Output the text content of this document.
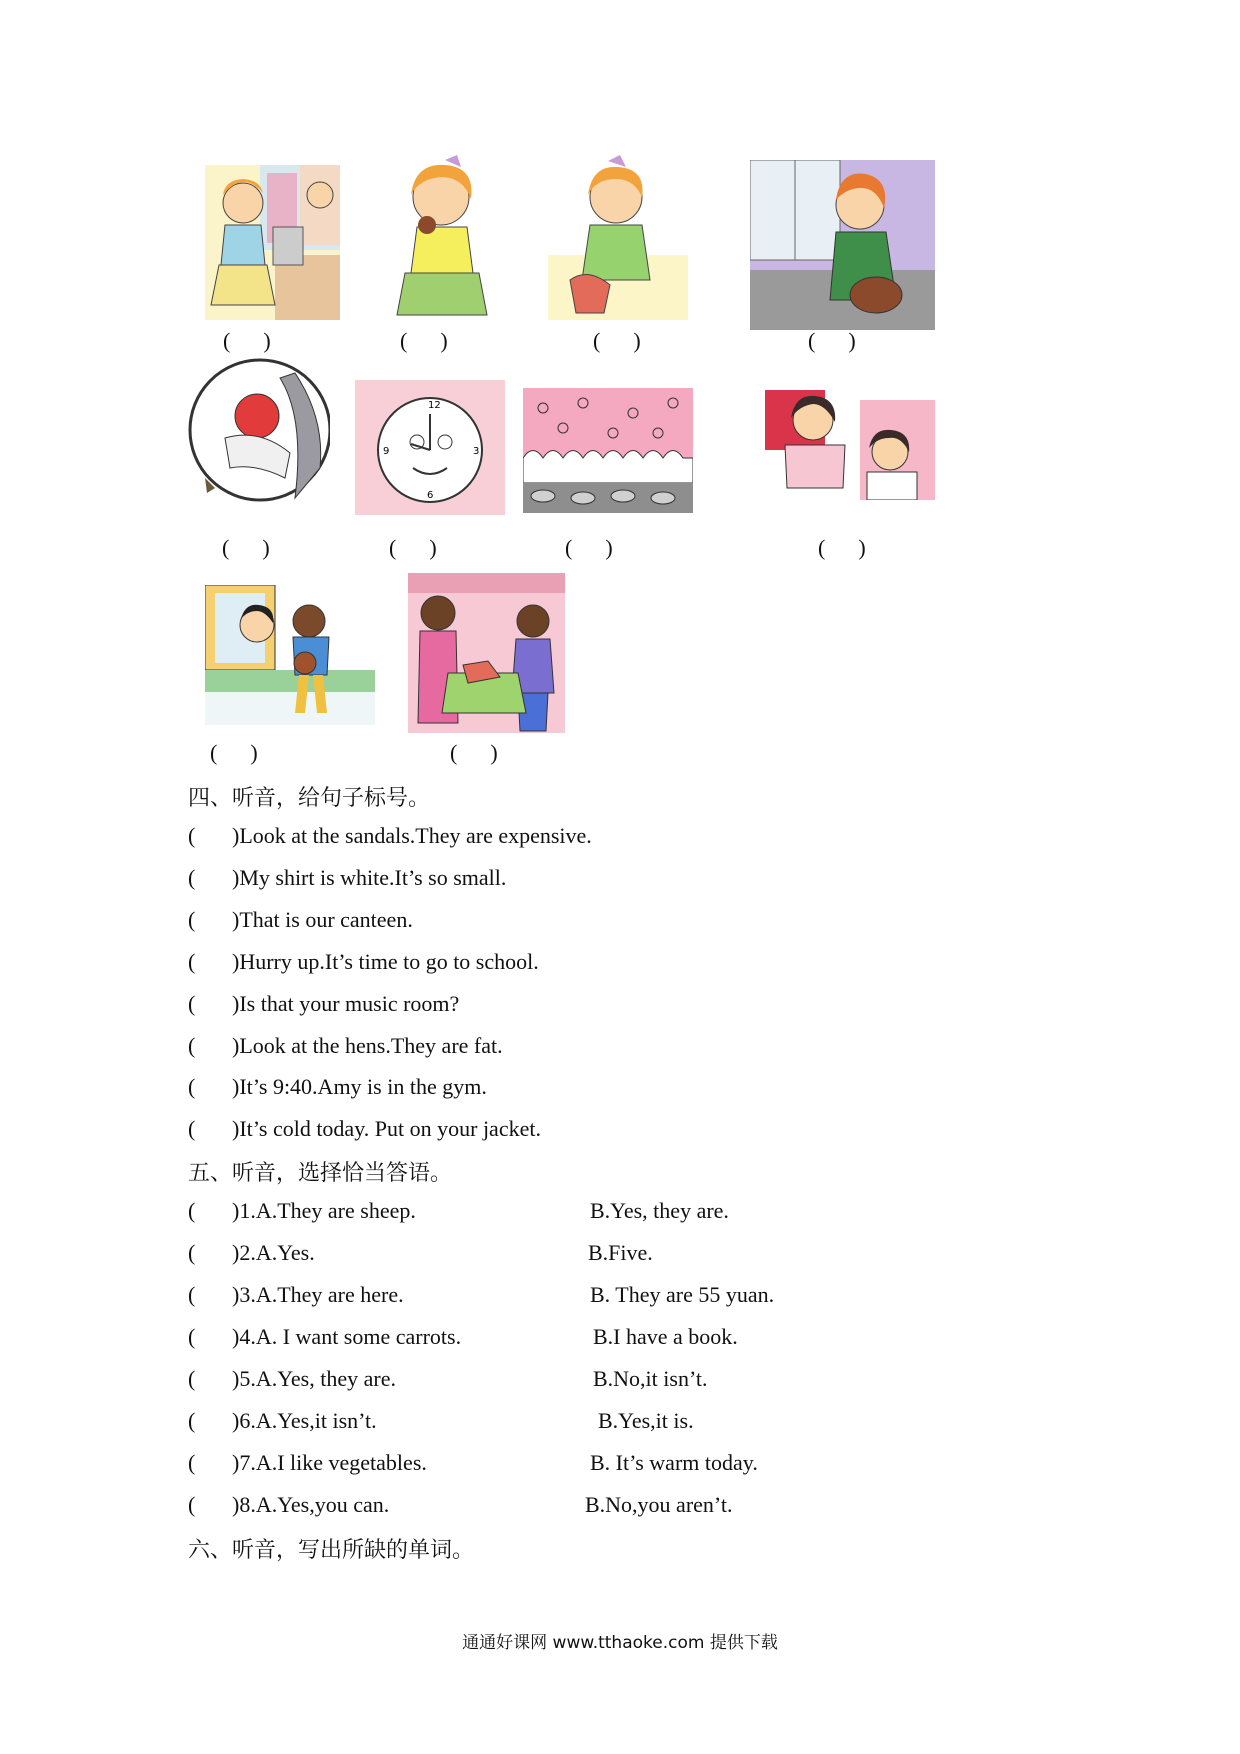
(      )	(      )	(      )	(      )
12
3
6
9
(      )	(      )	(      )	(      )
(      )	(      )
四、听音，给句子标号。
( )Look at the sandals.They are expensive.
( )My shirt is white.It’s so small.
( )That is our canteen.
( )Hurry up.It’s time to go to school.
( )Is that your music room?
( )Look at the hens.They are fat.
( )It’s 9:40.Amy is in the gym.
( )It’s cold today. Put on your jacket.
五、听音，选择恰当答语。
( )1.A.They are sheep.	B.Yes, they are.
( )2.A.Yes.	B.Five.
( )3.A.They are here.	B. They are 55 yuan.
( )4.A. I want some carrots.	B.I have a book.
( )5.A.Yes, they are.	B.No,it isn’t.
( )6.A.Yes,it isn’t.	B.Yes,it is.
( )7.A.I like vegetables.	B. It’s warm today.
( )8.A.Yes,you can.	B.No,you aren’t.
六、听音，写出所缺的单词。
通通好课网 www.tthaoke.com 提供下载
